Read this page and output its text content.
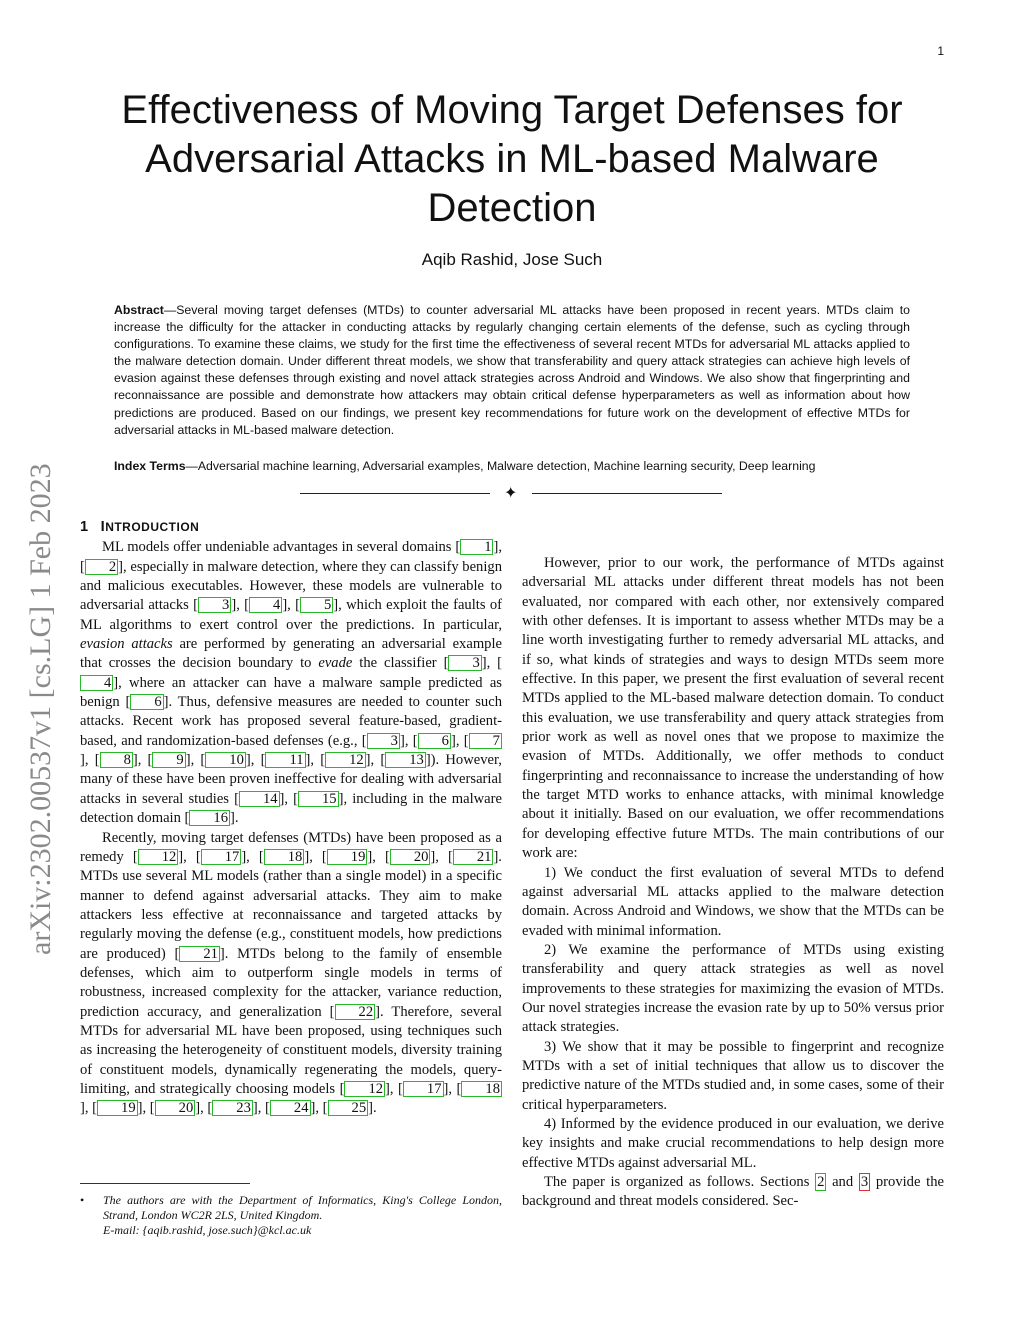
1
Effectiveness of Moving Target Defenses for Adversarial Attacks in ML-based Malware Detection
Aqib Rashid, Jose Such

Abstract—Several moving target defenses (MTDs) to counter adversarial ML attacks have been proposed in recent years. MTDs claim to increase the difficulty for the attacker in conducting attacks by regularly changing certain elements of the defense, such as cycling through configurations. To examine these claims, we study for the first time the effectiveness of several recent MTDs for adversarial ML attacks applied to the malware detection domain. Under different threat models, we show that transferability and query attack strategies can achieve high levels of evasion against these defenses through existing and novel attack strategies across Android and Windows. We also show that fingerprinting and reconnaissance are possible and demonstrate how attackers may obtain critical defense hyperparameters as well as information about how predictions are produced. Based on our findings, we present key recommendations for future work on the development of effective MTDs for adversarial attacks in ML-based malware detection.

Index Terms—Adversarial machine learning, Adversarial examples, Malware detection, Machine learning security, Deep learning

✦
arXiv:2302.00537v1 [cs.LG] 1 Feb 2023 1 INTRODUCTION

ML models offer undeniable advantages in several domains [ 1 ], [ 2 ], especially in malware detection, where they can classify benign and malicious executables. However, these models are vulnerable to adversarial attacks [ 3 ], [ 4 ], [ 5 ], which exploit the faults of ML algorithms to exert control over the predictions. In particular, evasion attacks are performed by generating an adversarial example that crosses the decision boundary to evade the classifier [ 3 ], [4 ], where an attacker can have a malware sample predicted as benign [ 6 ]. Thus, defensive measures are needed to counter such attacks. Recent work has proposed several feature-based, gradient-based, and randomization-based defenses (e.g., [ 3 ], [ 6 ], [ 7], [ 8 ], [ 9 ], [ 10 ], [ 11 ], [ 12 ], [ 13 ]). However, many of these have been proven ineffective for dealing with adversarial attacks in several studies [ 14 ], [ 15 ], including in the malware detection domain [ 16 ].

Recently, moving target defenses (MTDs) have been proposed as a remedy [ 12 ], [ 17 ], [ 18 ], [ 19 ], [ 20 ], [ 21 ]. MTDs use several ML models (rather than a single model) in a specific manner to defend against adversarial attacks. They aim to make attackers less effective at reconnaissance and targeted attacks by regularly moving the defense (e.g., constituent models, how predictions are produced) [ 21 ]. MTDs belong to the family of ensemble defenses, which aim to outperform single models in terms of robustness, increased complexity for the attacker, variance reduction, prediction accuracy, and generalization [ 22 ]. Therefore, several MTDs for adversarial ML have been proposed, using techniques such as increasing the heterogeneity of constituent models, diversity training of constituent models, dynamically regenerating the models, query-limiting, and strategically choosing models [ 12 ], [ 17 ], [ 18], [ 19 ], [ 20 ], [ 23 ], [ 24 ], [ 25 ].

• The authors are with the Department of Informatics, King's College London, Strand, London WC2R 2LS, United Kingdom.
E-mail: {aqib.rashid, jose.such}@kcl.ac.uk

However, prior to our work, the performance of MTDs against adversarial ML attacks under different threat models has not been evaluated, nor compared with each other, nor extensively compared with other defenses. It is important to assess whether MTDs may be a line worth investigating further to remedy adversarial ML attacks, and if so, what kinds of strategies and ways to design MTDs seem more effective. In this paper, we present the first evaluation of several recent MTDs applied to the ML-based malware detection domain. To conduct this evaluation, we use transferability and query attack strategies from prior work as well as novel ones that we propose to maximize the evasion of MTDs. Additionally, we offer methods to conduct fingerprinting and reconnaissance to increase the understanding of how the target MTD works to enhance attacks, with minimal knowledge about it initially. Based on our evaluation, we offer recommendations for developing effective future MTDs. The main contributions of our work are:

1) We conduct the first evaluation of several MTDs to defend against adversarial ML attacks applied to the malware detection domain. Across Android and Windows, we show that the MTDs can be evaded with minimal information.

2) We examine the performance of MTDs using existing transferability and query attack strategies as well as novel improvements to these strategies for maximizing the evasion of MTDs. Our novel strategies increase the evasion rate by up to 50% versus prior attack strategies.

3) We show that it may be possible to fingerprint and recognize MTDs with a set of initial techniques that allow us to discover the predictive nature of the MTDs studied and, in some cases, some of their critical hyperparameters.

4) Informed by the evidence produced in our evaluation, we derive key insights and make crucial recommendations to help design more effective MTDs against adversarial ML.

The paper is organized as follows. Sections 2 and 3 provide the background and threat models considered. Sec-
